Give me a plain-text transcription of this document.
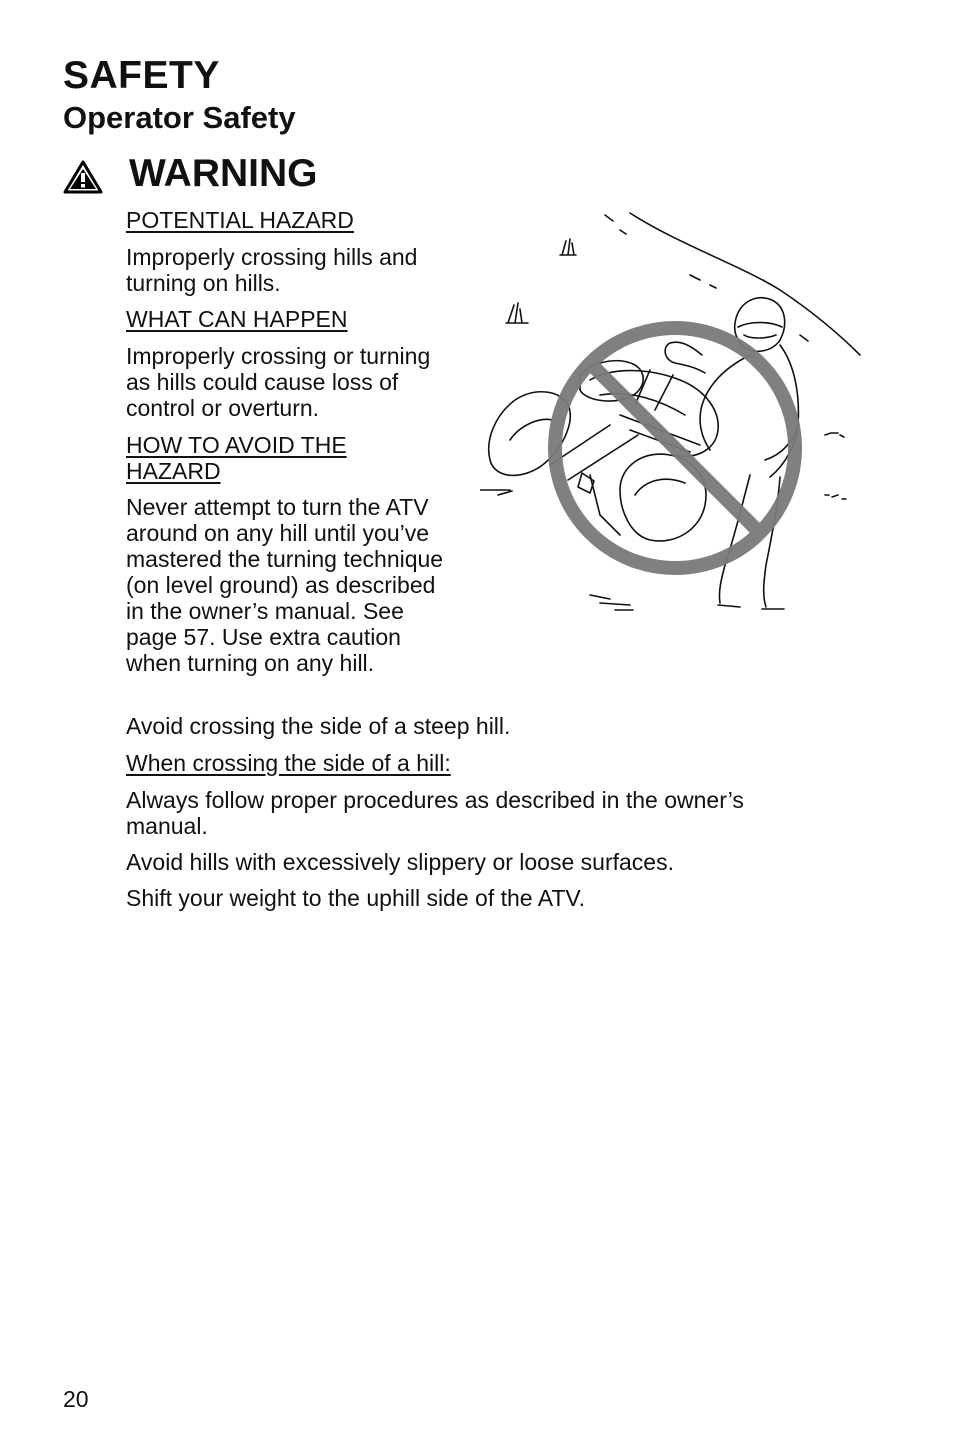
SAFETY
Operator Safety
WARNING

POTENTIAL HAZARD

Improperly crossing hills and turning on hills.

WHAT CAN HAPPEN

Improperly crossing or turning as hills could cause loss of control or overturn.

HOW TO AVOID THE HAZARD

Never attempt to turn the ATV around on any hill until you’ve mastered the turning technique (on level ground) as described in the owner’s manual. See page 57. Use extra caution when turning on any hill.

Avoid crossing the side of a steep hill.

When crossing the side of a hill:

Always follow proper procedures as described in the owner’s manual.

Avoid hills with excessively slippery or loose surfaces.

Shift your weight to the uphill side of the ATV.

20
